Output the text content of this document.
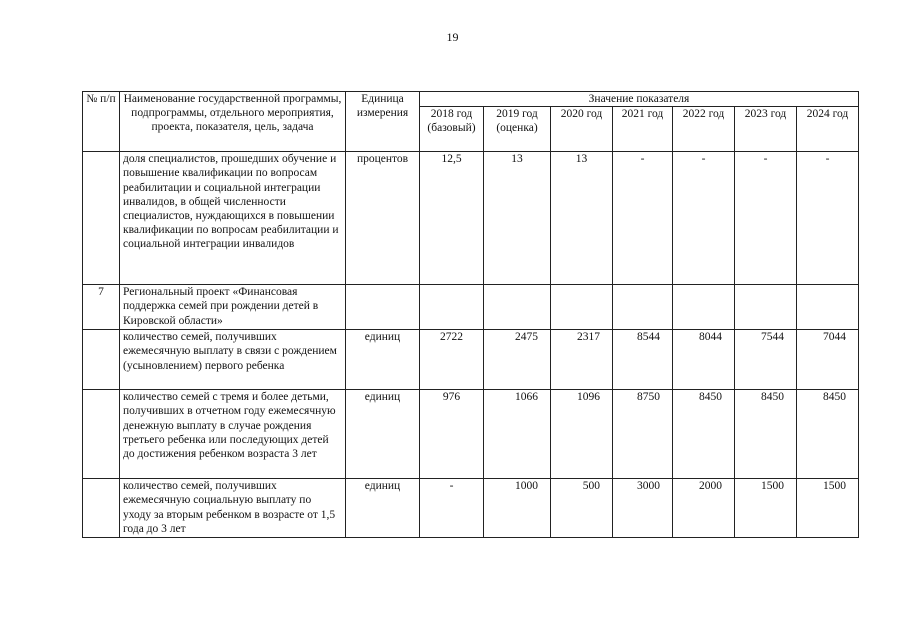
19
№ п/п	Наименование государственной программы, подпрограммы, отдельного мероприятия, проекта, показателя, цель, задача	Единица измерения	Значение показателя						
			2018 год (базовый)	2019 год (оценка)	2020 год	2021 год	2022 год	2023 год	2024 год
	доля специалистов, прошедших обучение и повышение квалификации по вопросам реабилитации и социальной интеграции инвалидов, в общей численности специалистов, нуждающихся в повышении квалификации по вопросам реабилитации и социальной интеграции инвалидов	процентов	12,5	13	13	-	-	-	-
7	Региональный проект «Финансовая поддержка семей при рождении детей в Кировской области»								
	количество семей, получивших ежемесячную выплату в связи с рождением (усыновлением) первого ребенка	единиц	2722	2475	2317	8544	8044	7544	7044
	количество семей с тремя и более детьми, получивших в отчетном году ежемесячную денежную выплату в случае рождения третьего ребенка или последующих детей до достижения ребенком возраста 3 лет	единиц	976	1066	1096	8750	8450	8450	8450
	количество семей, получивших ежемесячную социальную выплату по уходу за вторым ребенком в возрасте от 1,5 года до 3 лет	единиц	-	1000	500	3000	2000	1500	1500
